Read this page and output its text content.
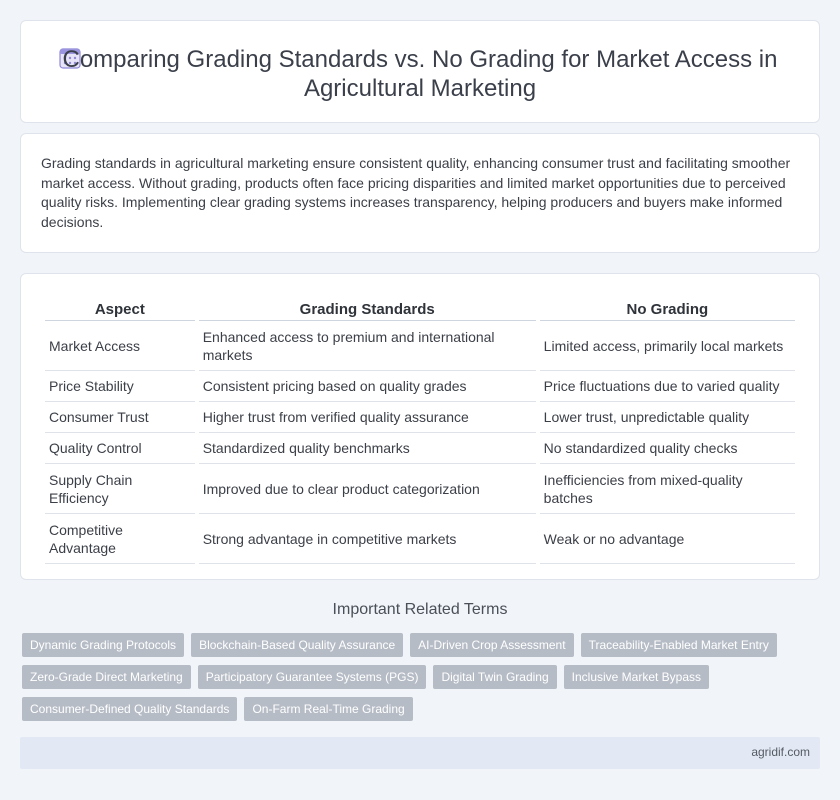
Comparing Grading Standards vs. No Grading for Market Access in Agricultural Marketing

Grading standards in agricultural marketing ensure consistent quality, enhancing consumer trust and facilitating smoother market access. Without grading, products often face pricing disparities and limited market opportunities due to perceived quality risks. Implementing clear grading systems increases transparency, helping producers and buyers make informed decisions.

Aspect	Grading Standards	No Grading
Market Access	Enhanced access to premium and international markets	Limited access, primarily local markets
Price Stability	Consistent pricing based on quality grades	Price fluctuations due to varied quality
Consumer Trust	Higher trust from verified quality assurance	Lower trust, unpredictable quality
Quality Control	Standardized quality benchmarks	No standardized quality checks
Supply Chain Efficiency	Improved due to clear product categorization	Inefficiencies from mixed-quality batches
Competitive Advantage	Strong advantage in competitive markets	Weak or no advantage
Important Related Terms
Dynamic Grading Protocols	Blockchain-Based Quality Assurance	AI-Driven Crop Assessment	Traceability-Enabled Market Entry
Zero-Grade Direct Marketing	Participatory Guarantee Systems (PGS)	Digital Twin Grading	Inclusive Market Bypass
Consumer-Defined Quality Standards	On-Farm Real-Time Grading
agridif.com
